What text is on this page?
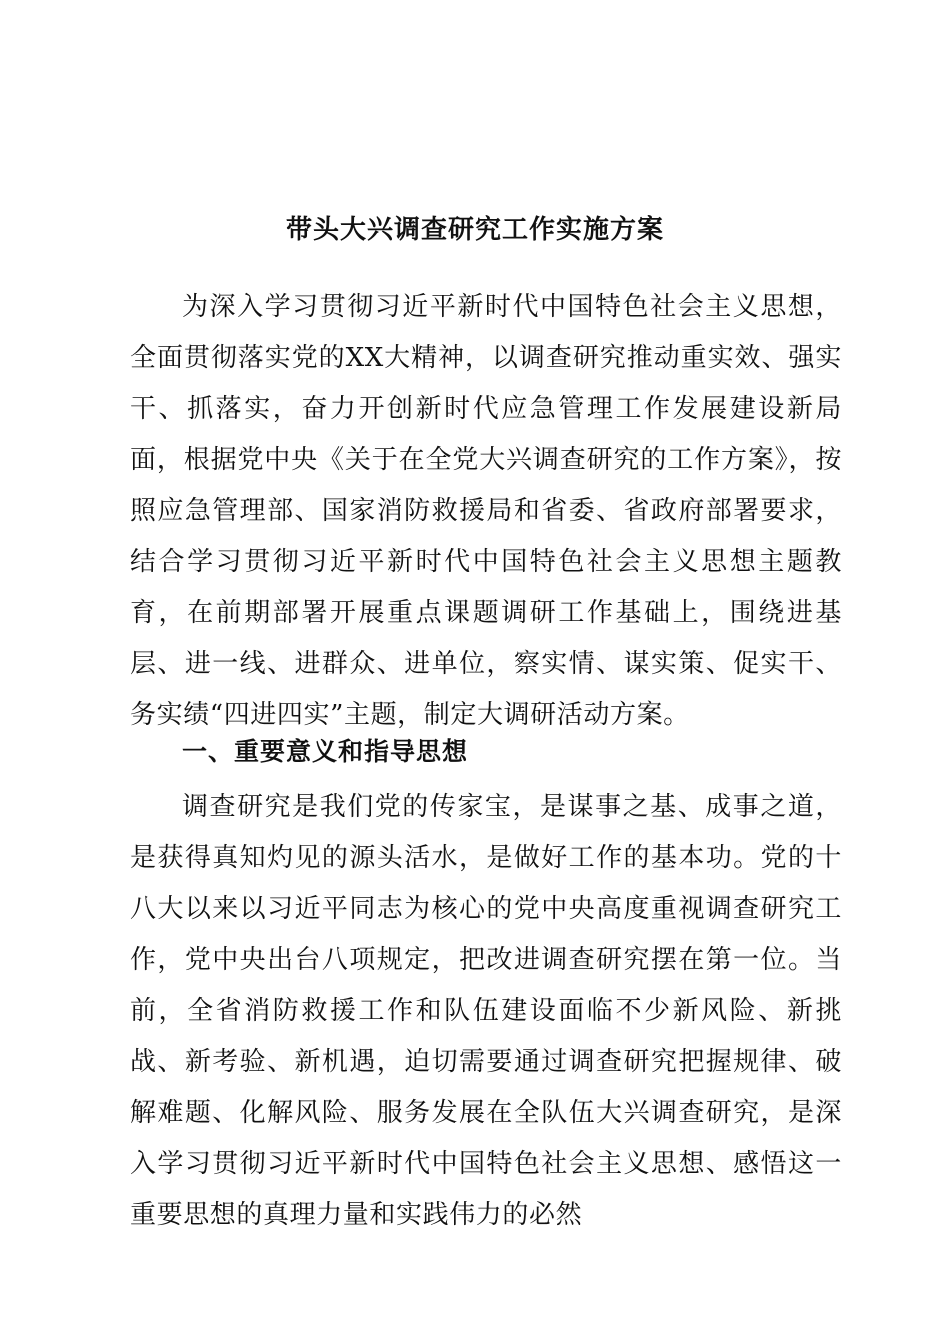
带头大兴调查研究工作实施方案

为深入学习贯彻习近平新时代中国特色社会主义思想，全面贯彻落实党的XX大精神，以调查研究推动重实效、强实干、抓落实，奋力开创新时代应急管理工作发展建设新局面，根据党中央《关于在全党大兴调查研究的工作方案》，按照应急管理部、国家消防救援局和省委、省政府部署要求，结合学习贯彻习近平新时代中国特色社会主义思想主题教育，在前期部署开展重点课题调研工作基础上，围绕进基层、进一线、进群众、进单位，察实情、谋实策、促实干、务实绩“四进四实”主题，制定大调研活动方案。

一、重要意义和指导思想

调查研究是我们党的传家宝，是谋事之基、成事之道，是获得真知灼见的源头活水，是做好工作的基本功。党的十八大以来以习近平同志为核心的党中央高度重视调查研究工作，党中央出台八项规定，把改进调查研究摆在第一位。当前，全省消防救援工作和队伍建设面临不少新风险、新挑战、新考验、新机遇，迫切需要通过调查研究把握规律、破解难题、化解风险、服务发展在全队伍大兴调查研究，是深入学习贯彻习近平新时代中国特色社会主义思想、感悟这一重要思想的真理力量和实践伟力的必然
